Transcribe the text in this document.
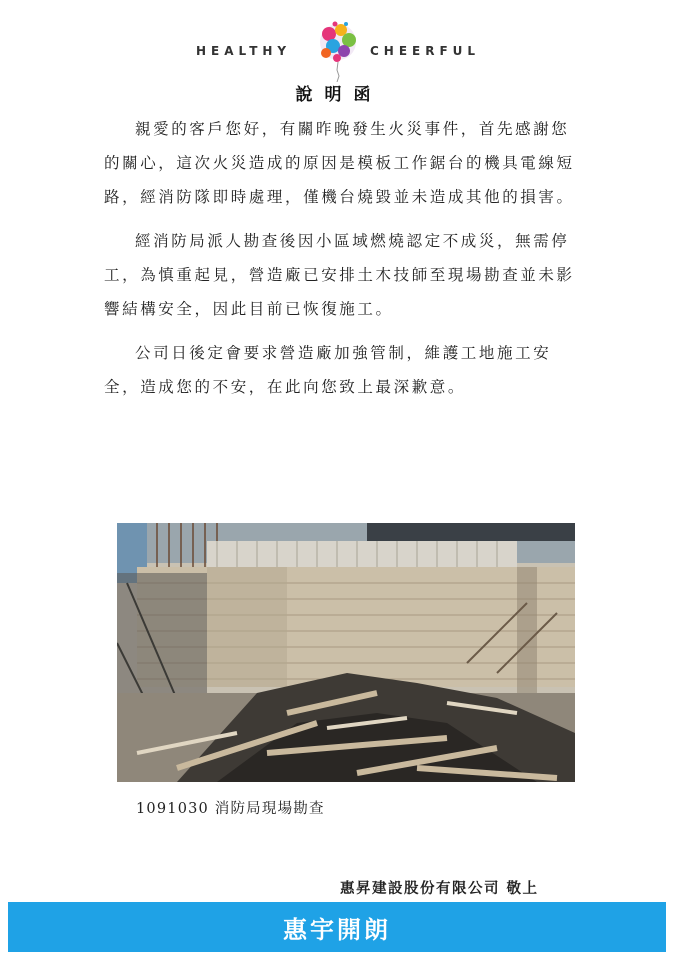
HEALTHY	CHEERFUL
說明函

親愛的客戶您好，有關昨晚發生火災事件，首先感謝您的關心，這次火災造成的原因是模板工作鋸台的機具電線短路，經消防隊即時處理，僅機台燒毀並未造成其他的損害。

經消防局派人勘查後因小區域燃燒認定不成災，無需停工，為慎重起見，營造廠已安排土木技師至現場勘查並未影響結構安全，因此目前已恢復施工。

公司日後定會要求營造廠加強管制，維護工地施工安全，造成您的不安，在此向您致上最深歉意。

1091030 消防局現場勘查
惠昇建設股份有限公司 敬上
惠宇開朗
